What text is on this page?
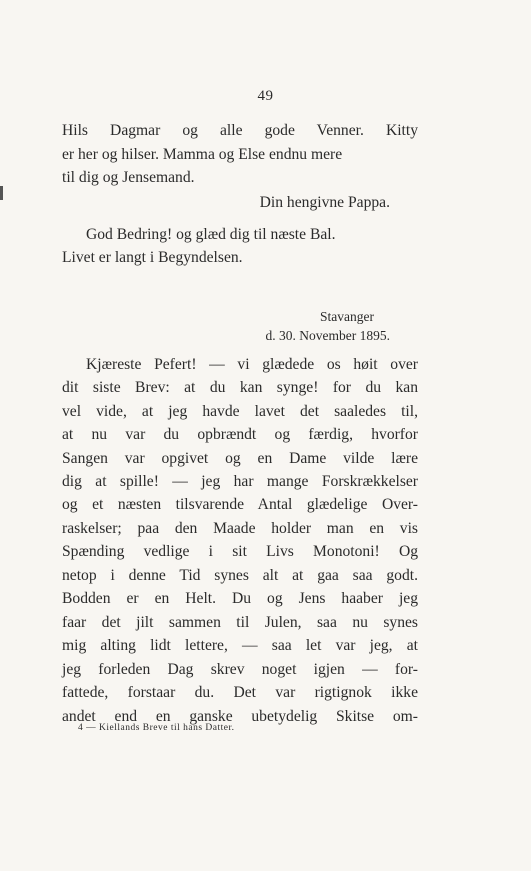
49
Hils Dagmar og alle gode Venner. Kitty
er her og hilser. Mamma og Else endnu mere
til dig og Jensemand.
Din hengivne Pappa.
God Bedring! og glæd dig til næste Bal.
Livet er langt i Begyndelsen.
Stavanger
d. 30. November 1895.
Kjæreste Pefert! — vi glædede os høit over
dit siste Brev: at du kan synge! for du kan
vel vide, at jeg havde lavet det saaledes til,
at nu var du opbrændt og færdig, hvorfor
Sangen var opgivet og en Dame vilde lære
dig at spille! — jeg har mange Forskrækkelser
og et næsten tilsvarende Antal glædelige Over-
raskelser; paa den Maade holder man en vis
Spænding vedlige i sit Livs Monotoni! Og
netop i denne Tid synes alt at gaa saa godt.
Bodden er en Helt. Du og Jens haaber jeg
faar det jilt sammen til Julen, saa nu synes
mig alting lidt lettere, — saa let var jeg, at
jeg forleden Dag skrev noget igjen — for-
fattede, forstaar du. Det var rigtignok ikke
andet end en ganske ubetydelig Skitse om-
4 — Kiellands Breve til hans Datter.
